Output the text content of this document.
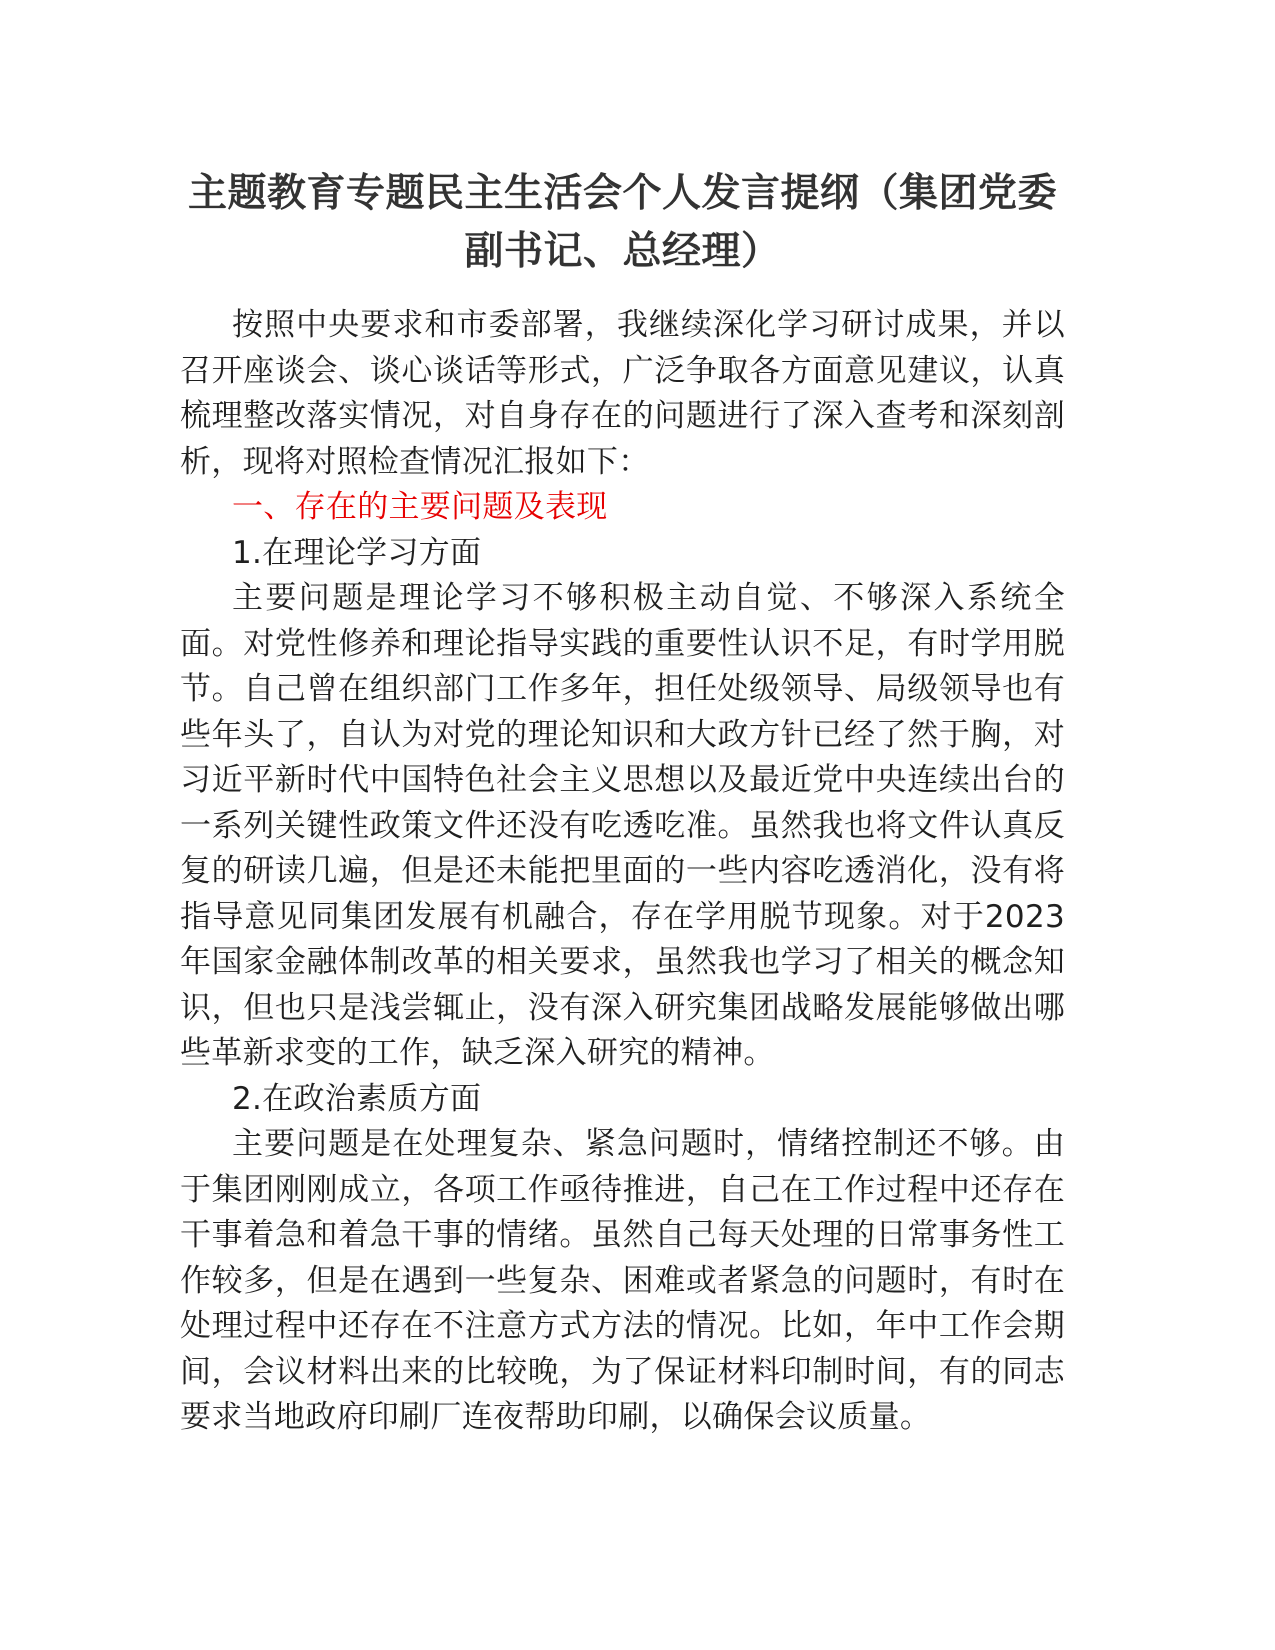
主题教育专题民主生活会个人发言提纲（集团党委副书记、总经理）

按照中央要求和市委部署，我继续深化学习研讨成果，并以召开座谈会、谈心谈话等形式，广泛争取各方面意见建议，认真梳理整改落实情况，对自身存在的问题进行了深入查考和深刻剖析，现将对照检查情况汇报如下：

一、存在的主要问题及表现

1.在理论学习方面

主要问题是理论学习不够积极主动自觉、不够深入系统全面。对党性修养和理论指导实践的重要性认识不足，有时学用脱节。自己曾在组织部门工作多年，担任处级领导、局级领导也有些年头了，自认为对党的理论知识和大政方针已经了然于胸，对习近平新时代中国特色社会主义思想以及最近党中央连续出台的一系列关键性政策文件还没有吃透吃准。虽然我也将文件认真反复的研读几遍，但是还未能把里面的一些内容吃透消化，没有将指导意见同集团发展有机融合，存在学用脱节现象。对于2023年国家金融体制改革的相关要求，虽然我也学习了相关的概念知识，但也只是浅尝辄止，没有深入研究集团战略发展能够做出哪些革新求变的工作，缺乏深入研究的精神。

2.在政治素质方面

主要问题是在处理复杂、紧急问题时，情绪控制还不够。由于集团刚刚成立，各项工作亟待推进，自己在工作过程中还存在干事着急和着急干事的情绪。虽然自己每天处理的日常事务性工作较多，但是在遇到一些复杂、困难或者紧急的问题时，有时在处理过程中还存在不注意方式方法的情况。比如，年中工作会期间，会议材料出来的比较晚，为了保证材料印制时间，有的同志要求当地政府印刷厂连夜帮助印刷，以确保会议质量。
